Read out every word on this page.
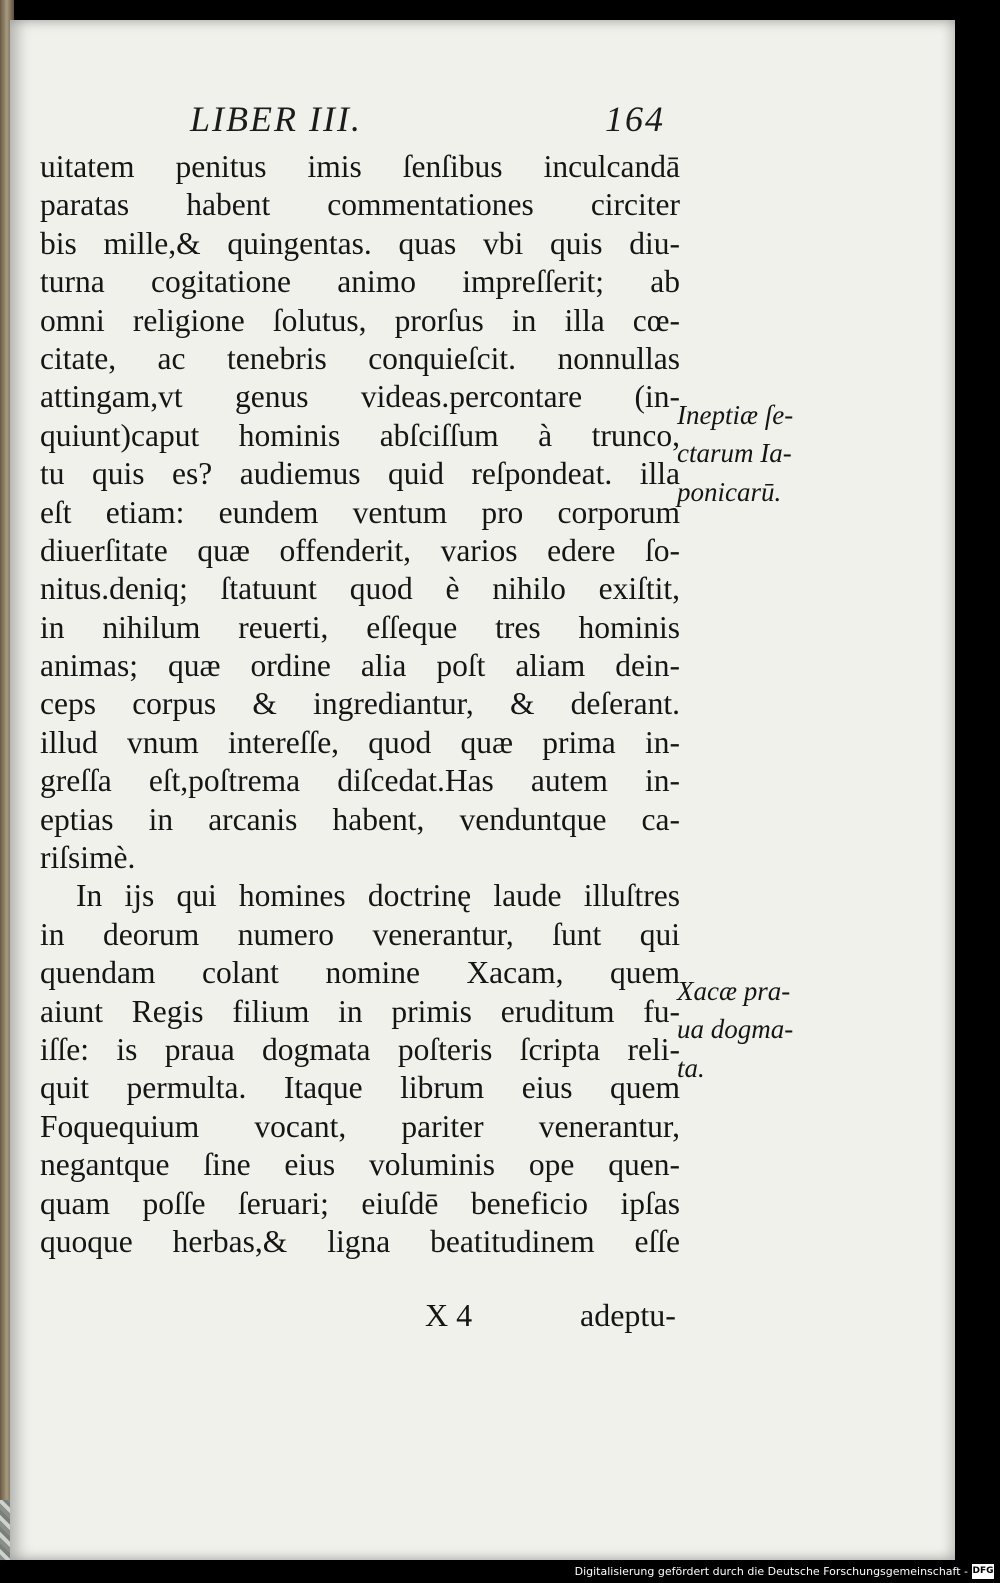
LIBER III.	164
uitatem penitus imis ſenſibus inculcandā
paratas habent commentationes circiter
bis mille,& quingentas. quas vbi quis diu-
turna cogitatione animo impreſſerit; ab
omni religione ſolutus, prorſus in illa cœ-
citate, ac tenebris conquieſcit. nonnullas
attingam,vt genus videas.percontare (in-
quiunt)caput hominis abſciſſum à trunco,
tu quis es? audiemus quid reſpondeat. illa
eſt etiam: eundem ventum pro corporum
diuerſitate quæ offenderit, varios edere ſo-
nitus.deniq; ſtatuunt quod è nihilo exiſtit,
in nihilum reuerti, eſſeque tres hominis
animas; quæ ordine alia poſt aliam dein-
ceps corpus & ingrediantur, & deſerant.
illud vnum intereſſe, quod quæ prima in-
greſſa eſt,poſtrema diſcedat.Has autem in-
eptias in arcanis habent, venduntque ca-
riſsimè.
In ijs qui homines doctrinę laude illuſtres
in deorum numero venerantur, ſunt qui
quendam colant nomine Xacam, quem
aiunt Regis filium in primis eruditum fu-
iſſe: is praua dogmata poſteris ſcripta reli-
quit permulta. Itaque librum eius quem
Foquequium vocant, pariter venerantur,
negantque ſine eius voluminis ope quen-
quam poſſe ſeruari; eiuſdē beneficio ipſas
quoque herbas,& ligna beatitudinem eſſe
Ineptiæ ſe-
ctarum Ia-
ponicarū.
Xacæ pra-
ua dogma-
ta.
X 4	adeptu-
Digitalisierung gefördert durch die Deutsche Forschungsgemeinschaft - DFG
